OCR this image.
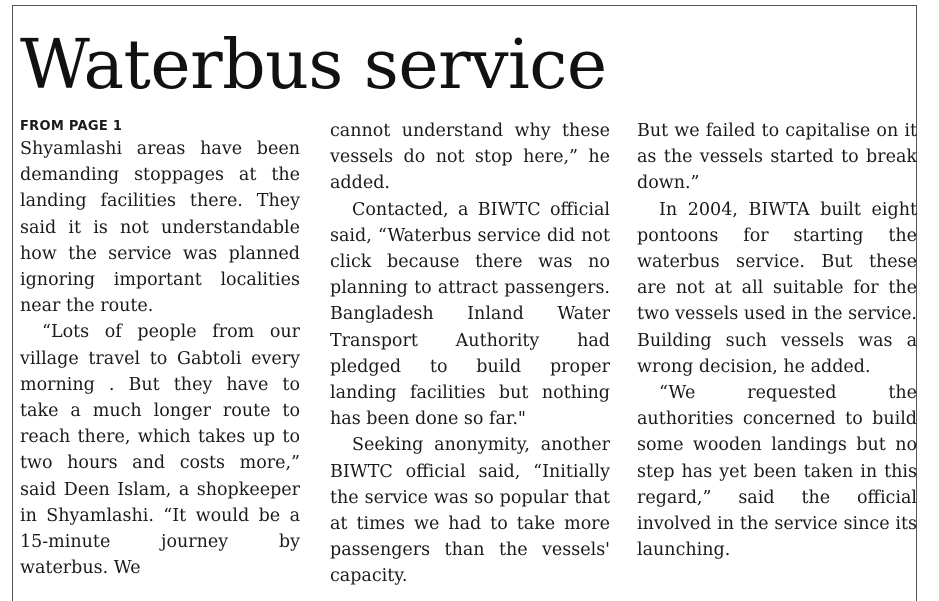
Waterbus service
FROM PAGE 1

Shyamlashi areas have been demanding stoppages at the landing facilities there. They said it is not understandable how the service was planned ignoring important localities near the route.

“Lots of people from our village travel to Gabtoli every morning . But they have to take a much longer route to reach there, which takes up to two hours and costs more,” said Deen Islam, a shopkeeper in Shyamlashi. “It would be a 15-minute journey by waterbus. We

cannot understand why these vessels do not stop here,” he added.

Contacted, a BIWTC official said, “Waterbus service did not click because there was no planning to attract passengers. Bangladesh Inland Water Transport Authority had pledged to build proper landing facilities but nothing has been done so far."

Seeking anonymity, another BIWTC official said, “Initially the service was so popular that at times we had to take more passengers than the vessels' capacity.

But we failed to capitalise on it as the vessels started to break down.”

In 2004, BIWTA built eight pontoons for starting the waterbus service. But these are not at all suitable for the two vessels used in the service. Building such vessels was a wrong decision, he added.

“We requested the authorities concerned to build some wooden landings but no step has yet been taken in this regard,” said the official involved in the service since its launching.
